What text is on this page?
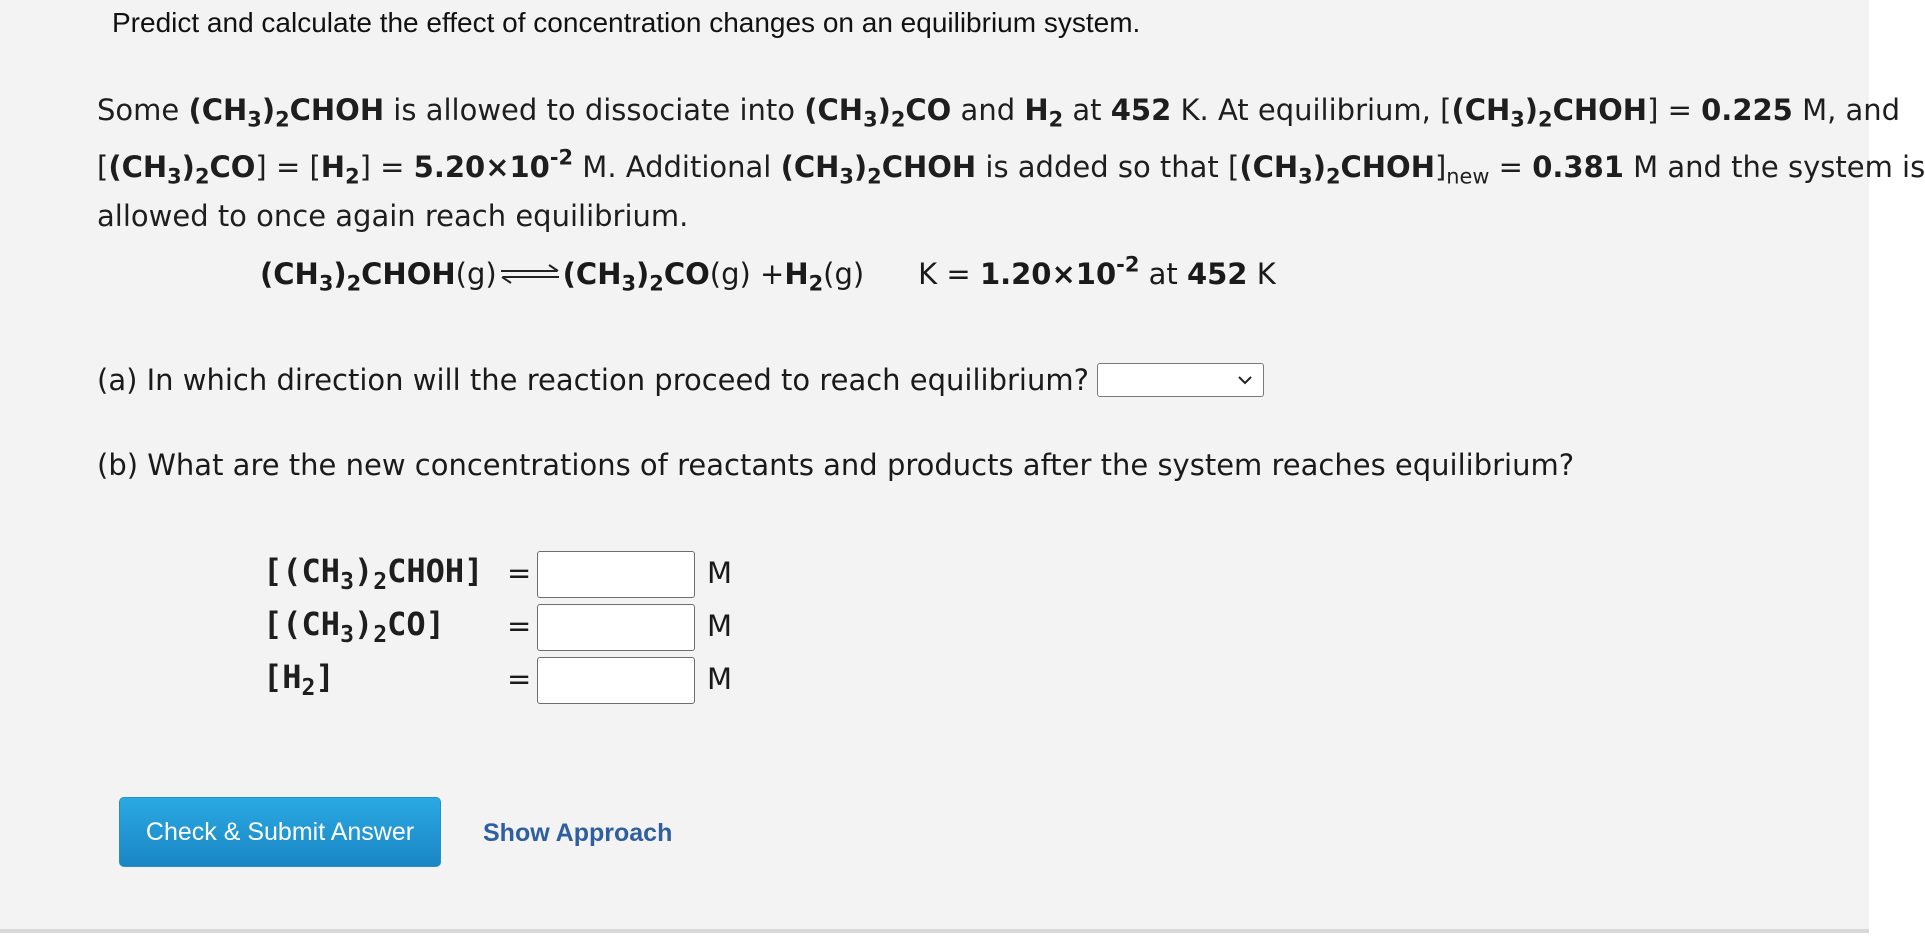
Predict and calculate the effect of concentration changes on an equilibrium system.
Some $(CH_3)_2CHOH$ is allowed to dissociate into $(CH_3)_2CO$ and $H_2$ at 452 K. At equilibrium, $[(CH_3)_2CHOH] = 0.225$ M, and
$[(CH_3)_2CO] = [H_2] = 5.20\times 10^{-2}$ M. Additional $(CH_3)_2CHOH$ is added so that $[(CH_3)_2CHOH]_{new} = 0.381$ M and the system is
allowed to once again reach equilibrium.
$(CH_3)_2CHOH$ (g) ⇌ $(CH_3)_2CO$ $(g) + H_2$ (g) $K = 1.20\times 10^{-2}$ at 452 K
(a) In which direction will the reaction proceed to reach equilibrium?
(b) What are the new concentrations of reactants and products after the system reaches equilibrium?
$[(CH_3)_2CHOH]$ =	M
$[(CH_3)_2CO]$ =	M
$[H_2]$	=	M
Check & Submit Answer	Show Approach
